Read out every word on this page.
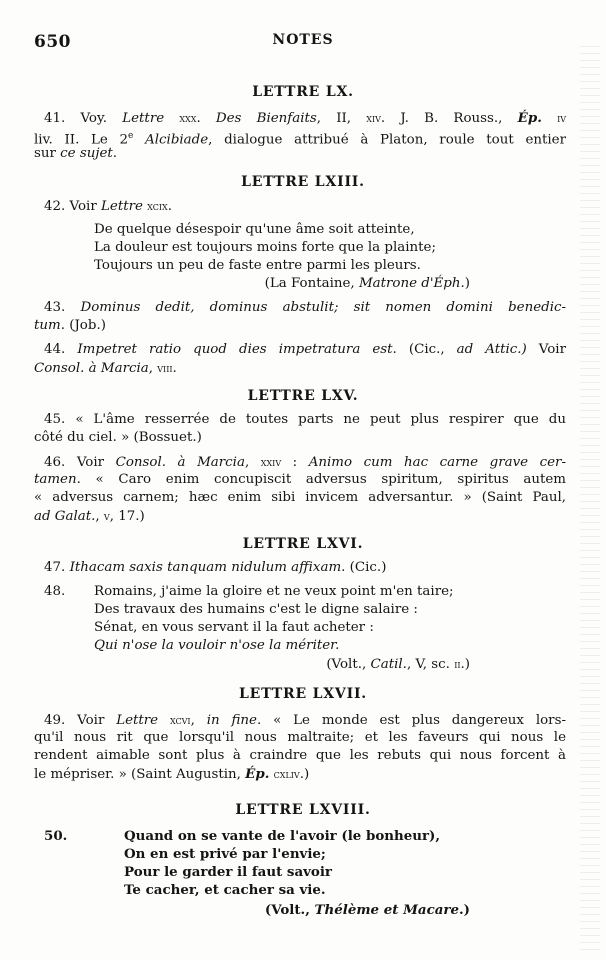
650	NOTES
LETTRE LX.
41. Voy. Lettre xxx. Des Bienfaits, II, xiv. J. B. Rouss., Ép. iv
liv. II. Le 2e Alcibiade, dialogue attribué à Platon, roule tout entier
sur ce sujet.
LETTRE LXIII.
42. Voir Lettre xcix.
De quelque désespoir qu'une âme soit atteinte,
La douleur est toujours moins forte que la plainte;
Toujours un peu de faste entre parmi les pleurs.
(La Fontaine, Matrone d'Éph.)
43. Dominus dedit, dominus abstulit; sit nomen domini benedic-
tum. (Job.)
44. Impetret ratio quod dies impetratura est. (Cic., ad Attic.) Voir
Consol. à Marcia, viii.
LETTRE LXV.
45. « L'âme resserrée de toutes parts ne peut plus respirer que du
côté du ciel. » (Bossuet.)
46. Voir Consol. à Marcia, xxiv : Animo cum hac carne grave cer-
tamen. « Caro enim concupiscit adversus spiritum, spiritus autem
« adversus carnem; hæc enim sibi invicem adversantur. » (Saint Paul,
ad Galat., v, 17.)
LETTRE LXVI.
47. Ithacam saxis tanquam nidulum affixam. (Cic.)
48. Romains, j'aime la gloire et ne veux point m'en taire;
Des travaux des humains c'est le digne salaire :
Sénat, en vous servant il la faut acheter :
Qui n'ose la vouloir n'ose la mériter.
(Volt., Catil., V, sc. ii.)
LETTRE LXVII.
49. Voir Lettre xcvi, in fine. « Le monde est plus dangereux lors-
qu'il nous rit que lorsqu'il nous maltraite; et les faveurs qui nous le
rendent aimable sont plus à craindre que les rebuts qui nous forcent à
le mépriser. » (Saint Augustin, Ép. cxliv.)
LETTRE LXVIII.
50.	Quand on se vante de l'avoir (le bonheur),
On en est privé par l'envie;
Pour le garder il faut savoir
Te cacher, et cacher sa vie.
(Volt., Thélème et Macare.)
